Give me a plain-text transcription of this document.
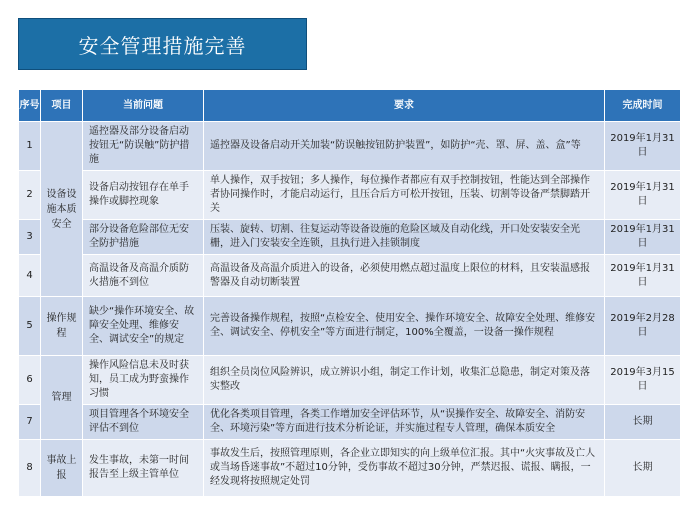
安全管理措施完善
序号	项目	当前问题	要求	完成时间
1	设备设施本质安全	遥控器及部分设备启动按钮无“防误触”防护措施	遥控器及设备启动开关加装“防误触按钮防护装置”，如防护“壳、罩、屏、盖、盒”等	2019年1月31日
2		设备启动按钮存在单手操作或脚控现象	单人操作，双手按钮；多人操作，每位操作者都应有双手控制按钮，性能达到全部操作者协同操作时，才能启动运行，且压合后方可松开按钮，压装、切割等设备严禁脚踏开关	2019年1月31日
3		部分设备危险部位无安全防护措施	压装、旋转、切割、往复运动等设备设施的危险区域及自动化线，开口处安装安全光栅，进入门安装安全连锁，且执行进入挂锁制度	2019年1月31日
4		高温设备及高温介质防火措施不到位	高温设备及高温介质进入的设备，必须使用燃点超过温度上限位的材料，且安装温感报警器及自动切断装置	2019年1月31日
5	操作规程	缺少“操作环境安全、故障安全处理、维修安全、调试安全”的规定	完善设备操作规程，按照“点检安全、使用安全、操作环境安全、故障安全处理、维修安全、调试安全、停机安全”等方面进行制定，100%全覆盖，一设备一操作规程	2019年2月28日
6	管理	操作风险信息未及时获知，员工成为野蛮操作习惯	组织全员岗位风险辨识，成立辨识小组，制定工作计划，收集汇总隐患，制定对策及落实整改	2019年3月15日
7		项目管理各个环境安全评估不到位	优化各类项目管理，各类工作增加安全评估环节，从“误操作安全、故障安全、消防安全、环境污染”等方面进行技术分析论证，并实施过程专人管理，确保本质安全	长期
8	事故上报	发生事故，未第一时间报告至上级主管单位	事故发生后，按照管理原则，各企业立即知实的向上级单位汇报。其中“火灾事故及亡人或当场昏迷事故”不超过10分钟，受伤事故不超过30分钟，严禁迟报、谎报、瞒报，一经发现将按照规定处罚	长期
